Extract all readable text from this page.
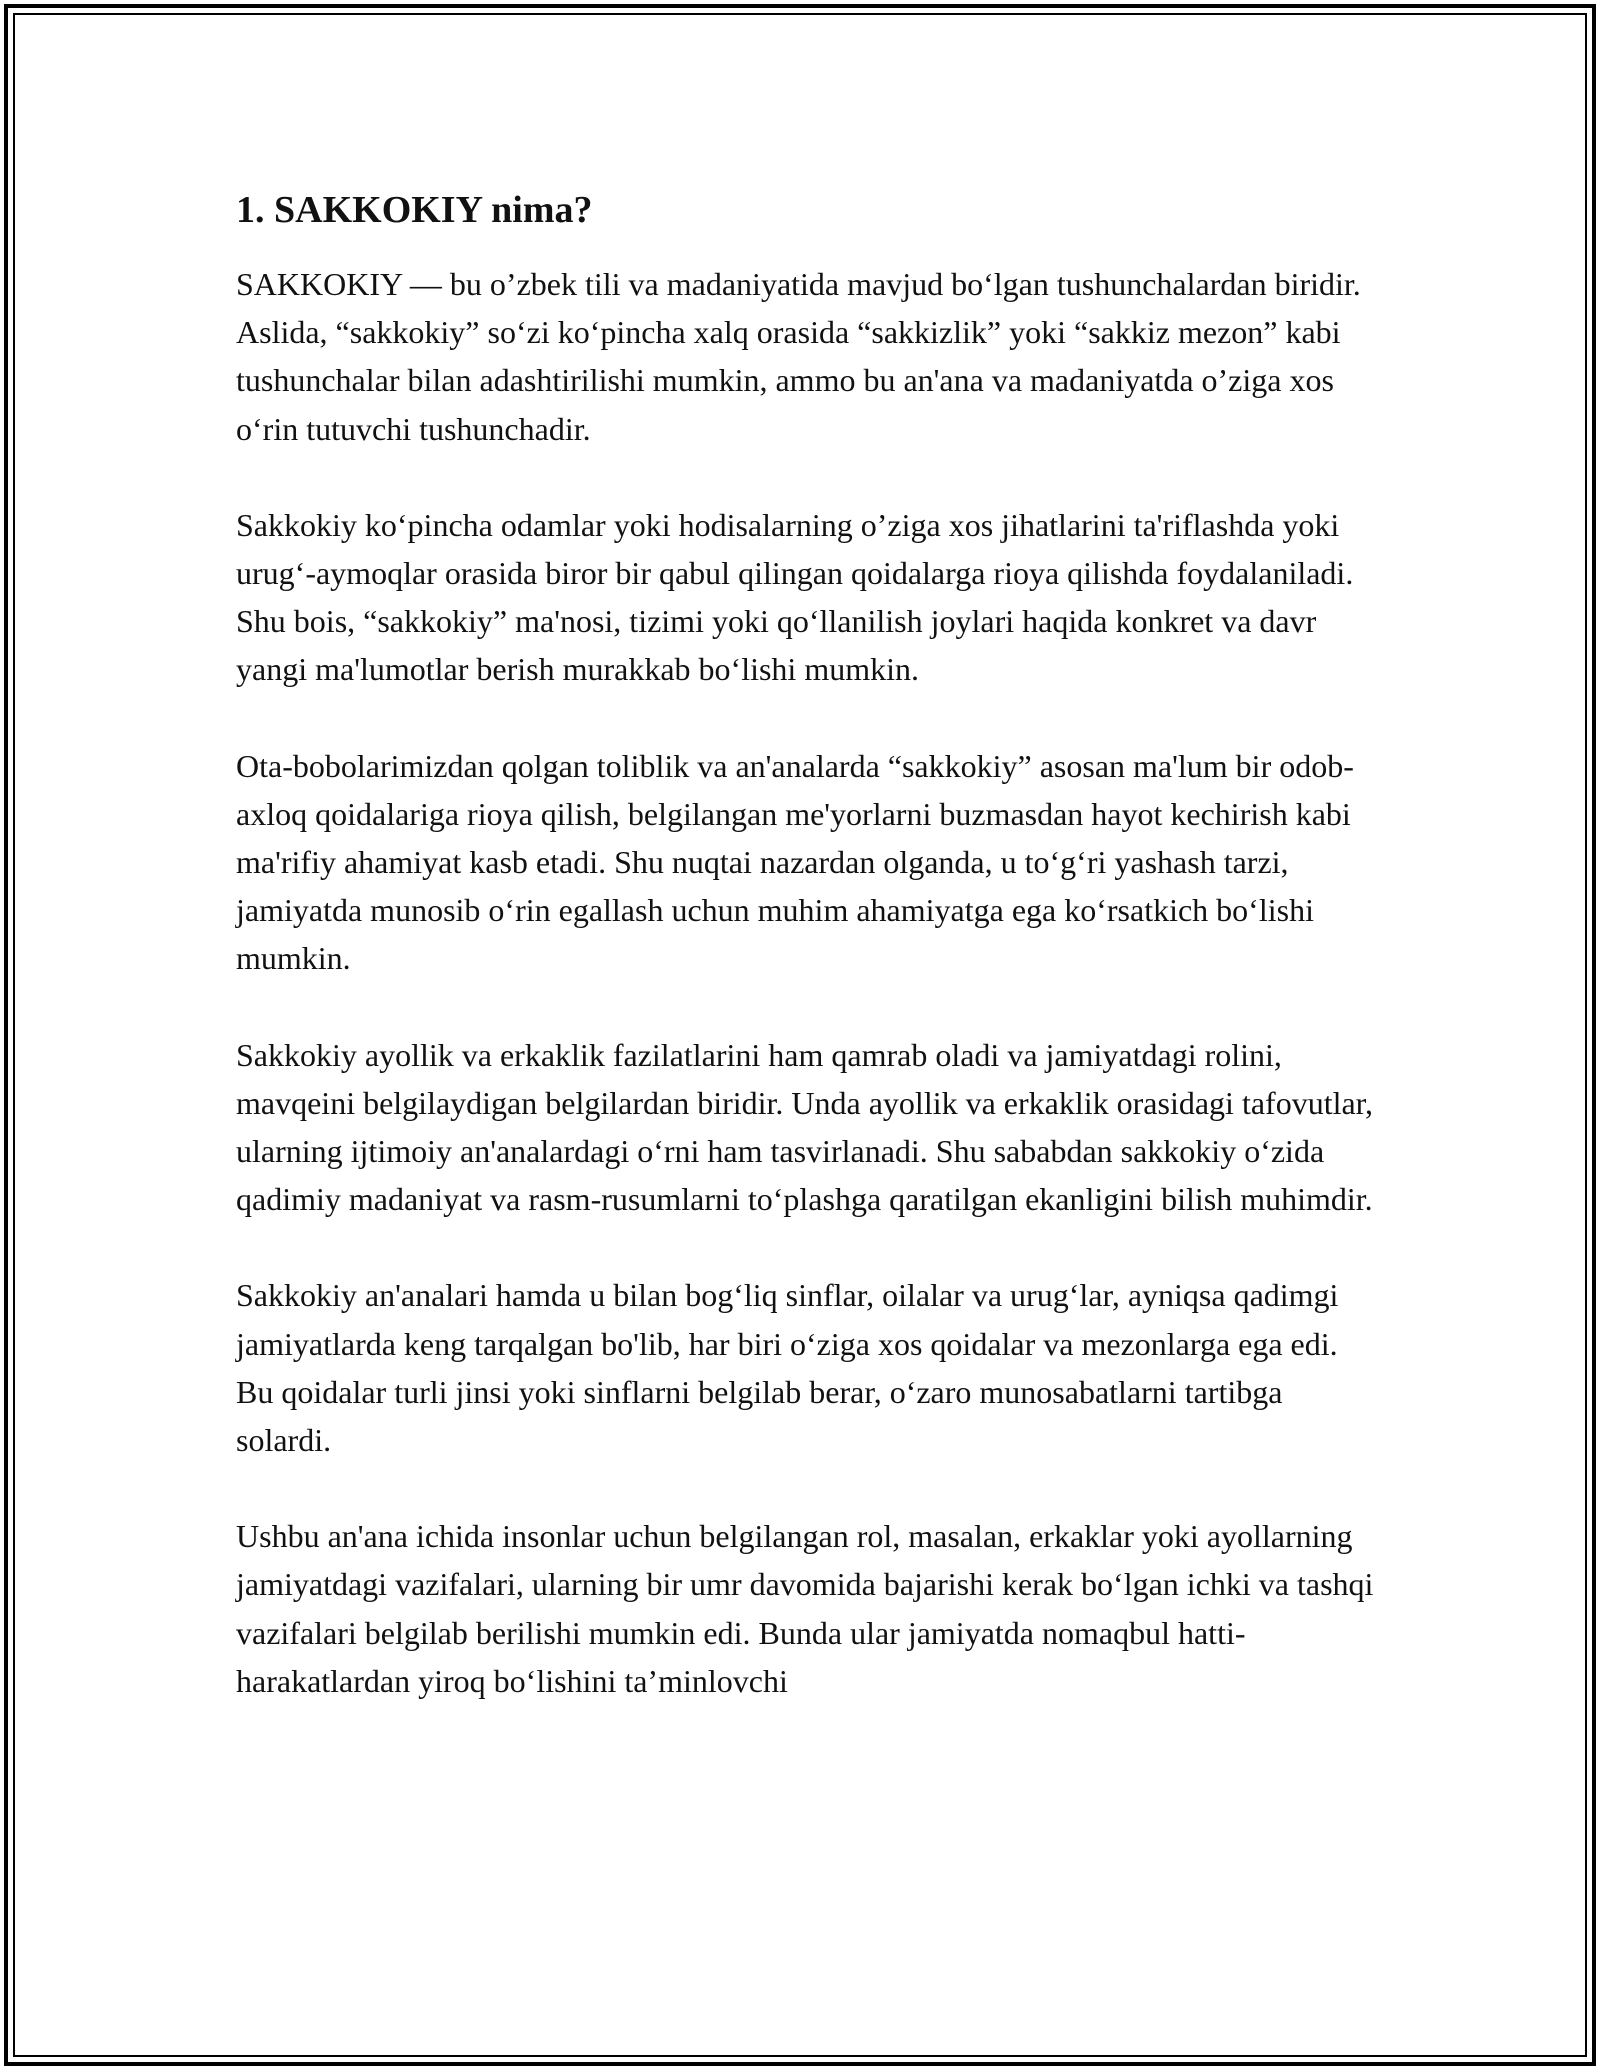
1. SAKKOKIY nima?

SAKKOKIY — bu o’zbek tili va madaniyatida mavjud bo‘lgan tushunchalardan biridir. Aslida, “sakkokiy” so‘zi ko‘pincha xalq orasida “sakkizlik” yoki “sakkiz mezon” kabi tushunchalar bilan adashtirilishi mumkin, ammo bu an'ana va madaniyatda o’ziga xos o‘rin tutuvchi tushunchadir.

Sakkokiy ko‘pincha odamlar yoki hodisalarning o’ziga xos jihatlarini ta'riflashda yoki urug‘-aymoqlar orasida biror bir qabul qilingan qoidalarga rioya qilishda foydalaniladi. Shu bois, “sakkokiy” ma'nosi, tizimi yoki qo‘llanilish joylari haqida konkret va davr yangi ma'lumotlar berish murakkab bo‘lishi mumkin.

Ota-bobolarimizdan qolgan toliblik va an'analarda “sakkokiy” asosan ma'lum bir odob-axloq qoidalariga rioya qilish, belgilangan me'yorlarni buzmasdan hayot kechirish kabi ma'rifiy ahamiyat kasb etadi. Shu nuqtai nazardan olganda, u to‘g‘ri yashash tarzi, jamiyatda munosib o‘rin egallash uchun muhim ahamiyatga ega ko‘rsatkich bo‘lishi mumkin.

Sakkokiy ayollik va erkaklik fazilatlarini ham qamrab oladi va jamiyatdagi rolini, mavqeini belgilaydigan belgilardan biridir. Unda ayollik va erkaklik orasidagi tafovutlar, ularning ijtimoiy an'analardagi o‘rni ham tasvirlanadi. Shu sababdan sakkokiy o‘zida qadimiy madaniyat va rasm-rusumlarni to‘plashga qaratilgan ekanligini bilish muhimdir.

Sakkokiy an'analari hamda u bilan bog‘liq sinflar, oilalar va urug‘lar, ayniqsa qadimgi jamiyatlarda keng tarqalgan bo'lib, har biri o‘ziga xos qoidalar va mezonlarga ega edi. Bu qoidalar turli jinsi yoki sinflarni belgilab berar, o‘zaro munosabatlarni tartibga solardi.

Ushbu an'ana ichida insonlar uchun belgilangan rol, masalan, erkaklar yoki ayollarning jamiyatdagi vazifalari, ularning bir umr davomida bajarishi kerak bo‘lgan ichki va tashqi vazifalari belgilab berilishi mumkin edi. Bunda ular jamiyatda nomaqbul hatti-harakatlardan yiroq bo‘lishini ta’minlovchi
